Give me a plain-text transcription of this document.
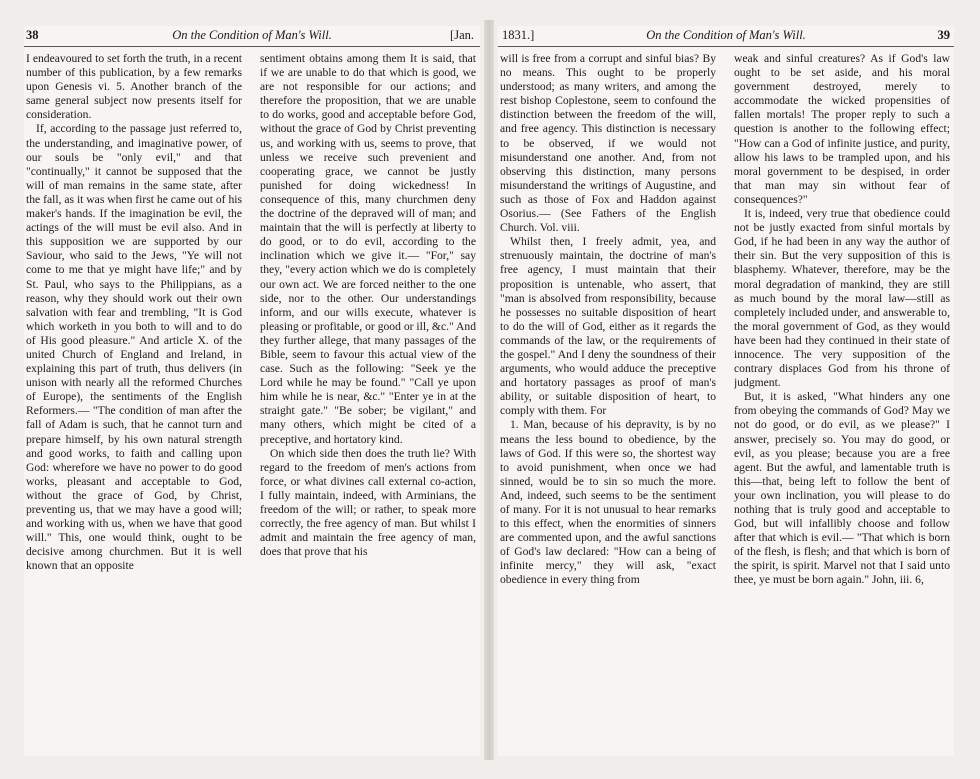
38	On the Condition of Man's Will.	[Jan.

I endeavoured to set forth the truth, in a recent number of this publication, by a few remarks upon Genesis vi. 5. Another branch of the same general subject now presents itself for consideration.

If, according to the passage just referred to, the understanding, and imaginative power, of our souls be "only evil," and that "continually," it cannot be supposed that the will of man remains in the same state, after the fall, as it was when first he came out of his maker's hands. If the imagination be evil, the actings of the will must be evil also. And in this supposition we are supported by our Saviour, who said to the Jews, "Ye will not come to me that ye might have life;" and by St. Paul, who says to the Philippians, as a reason, why they should work out their own salvation with fear and trembling, "It is God which worketh in you both to will and to do of His good pleasure." And article X. of the united Church of England and Ireland, in explaining this part of truth, thus delivers (in unison with nearly all the reformed Churches of Europe), the sentiments of the English Reformers.— "The condition of man after the fall of Adam is such, that he cannot turn and prepare himself, by his own natural strength and good works, to faith and calling upon God: wherefore we have no power to do good works, pleasant and acceptable to God, without the grace of God, by Christ, preventing us, that we may have a good will; and working with us, when we have that good will." This, one would think, ought to be decisive among churchmen. But it is well known that an opposite

sentiment obtains among them It is said, that if we are unable to do that which is good, we are not responsible for our actions; and therefore the proposition, that we are unable to do works, good and acceptable before God, without the grace of God by Christ preventing us, and working with us, seems to prove, that unless we receive such prevenient and cooperating grace, we cannot be justly punished for doing wickedness! In consequence of this, many churchmen deny the doctrine of the depraved will of man; and maintain that the will is perfectly at liberty to do good, or to do evil, according to the inclination which we give it.— "For," say they, "every action which we do is completely our own act. We are forced neither to the one side, nor to the other. Our understandings inform, and our wills execute, whatever is pleasing or profitable, or good or ill, &c." And they further allege, that many passages of the Bible, seem to favour this actual view of the case. Such as the following: "Seek ye the Lord while he may be found." "Call ye upon him while he is near, &c." "Enter ye in at the straight gate." "Be sober; be vigilant," and many others, which might be cited of a preceptive, and hortatory kind.

On which side then does the truth lie? With regard to the freedom of men's actions from force, or what divines call external co-action, I fully maintain, indeed, with Arminians, the freedom of the will; or rather, to speak more correctly, the free agency of man. But whilst I admit and maintain the free agency of man, does that prove that his

1831.]	On the Condition of Man's Will.	39

will is free from a corrupt and sinful bias? By no means. This ought to be properly understood; as many writers, and among the rest bishop Coplestone, seem to confound the distinction between the freedom of the will, and free agency. This distinction is necessary to be observed, if we would not misunderstand one another. And, from not observing this distinction, many persons misunderstand the writings of Augustine, and such as those of Fox and Haddon against Osorius.— (See Fathers of the English Church. Vol. viii.

Whilst then, I freely admit, yea, and strenuously maintain, the doctrine of man's free agency, I must maintain that their proposition is untenable, who assert, that "man is absolved from responsibility, because he possesses no suitable disposition of heart to do the will of God, either as it regards the commands of the law, or the requirements of the gospel." And I deny the soundness of their arguments, who would adduce the preceptive and hortatory passages as proof of man's ability, or suitable disposition of heart, to comply with them. For

1. Man, because of his depravity, is by no means the less bound to obedience, by the laws of God. If this were so, the shortest way to avoid punishment, when once we had sinned, would be to sin so much the more. And, indeed, such seems to be the sentiment of many. For it is not unusual to hear remarks to this effect, when the enormities of sinners are commented upon, and the awful sanctions of God's law declared: "How can a being of infinite mercy," they will ask, "exact obedience in every thing from

weak and sinful creatures? As if God's law ought to be set aside, and his moral government destroyed, merely to accommodate the wicked propensities of fallen mortals! The proper reply to such a question is another to the following effect; "How can a God of infinite justice, and purity, allow his laws to be trampled upon, and his moral government to be despised, in order that man may sin without fear of consequences?"

It is, indeed, very true that obedience could not be justly exacted from sinful mortals by God, if he had been in any way the author of their sin. But the very supposition of this is blasphemy. Whatever, therefore, may be the moral degradation of mankind, they are still as much bound by the moral law—still as completely included under, and answerable to, the moral government of God, as they would have been had they continued in their state of innocence. The very supposition of the contrary displaces God from his throne of judgment.

But, it is asked, "What hinders any one from obeying the commands of God? May we not do good, or do evil, as we please?" I answer, precisely so. You may do good, or evil, as you please; because you are a free agent. But the awful, and lamentable truth is this—that, being left to follow the bent of your own inclination, you will please to do nothing that is truly good and acceptable to God, but will infallibly choose and follow after that which is evil.— "That which is born of the flesh, is flesh; and that which is born of the spirit, is spirit. Marvel not that I said unto thee, ye must be born again." John, iii. 6,
